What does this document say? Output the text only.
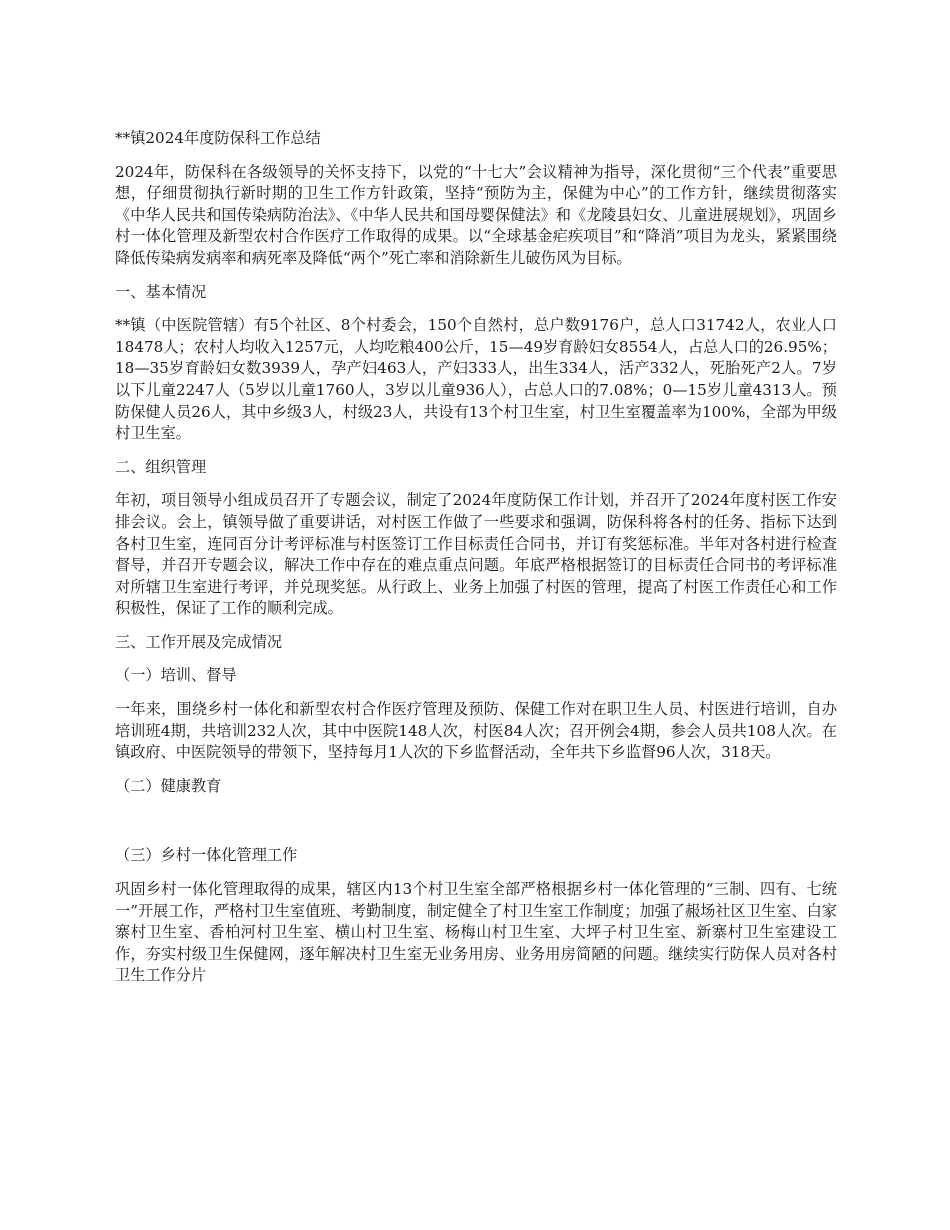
**镇2024年度防保科工作总结

2024年，防保科在各级领导的关怀支持下，以党的“十七大”会议精神为指导，深化贯彻“三个代表”重要思想，仔细贯彻执行新时期的卫生工作方针政策，坚持“预防为主，保健为中心”的工作方针，继续贯彻落实《中华人民共和国传染病防治法》、《中华人民共和国母婴保健法》和《龙陵县妇女、儿童进展规划》，巩固乡村一体化管理及新型农村合作医疗工作取得的成果。以“全球基金疟疾项目”和“降消”项目为龙头，紧紧围绕降低传染病发病率和病死率及降低“两个”死亡率和消除新生儿破伤风为目标。

一、基本情况

**镇（中医院管辖）有5个社区、8个村委会，150个自然村，总户数9176户，总人口31742人，农业人口18478人；农村人均收入1257元，人均吃粮400公斤，15—49岁育龄妇女8554人，占总人口的26.95%；18—35岁育龄妇女数3939人，孕产妇463人，产妇333人，出生334人，活产332人，死胎死产2人。7岁以下儿童2247人（5岁以儿童1760人，3岁以儿童936人），占总人口的7.08%；0—15岁儿童4313人。预防保健人员26人，其中乡级3人，村级23人，共设有13个村卫生室，村卫生室覆盖率为100%，全部为甲级村卫生室。

二、组织管理

年初，项目领导小组成员召开了专题会议，制定了2024年度防保工作计划，并召开了2024年度村医工作安排会议。会上，镇领导做了重要讲话，对村医工作做了一些要求和强调，防保科将各村的任务、指标下达到各村卫生室，连同百分计考评标准与村医签订工作目标责任合同书，并订有奖惩标准。半年对各村进行检查督导，并召开专题会议，解决工作中存在的难点重点问题。年底严格根据签订的目标责任合同书的考评标准对所辖卫生室进行考评，并兑现奖惩。从行政上、业务上加强了村医的管理，提高了村医工作责任心和工作积极性，保证了工作的顺利完成。

三、工作开展及完成情况

（一）培训、督导

一年来，围绕乡村一体化和新型农村合作医疗管理及预防、保健工作对在职卫生人员、村医进行培训，自办培训班4期，共培训232人次，其中中医院148人次，村医84人次；召开例会4期，参会人员共108人次。在镇政府、中医院领导的带领下，坚持每月1人次的下乡监督活动，全年共下乡监督96人次，318天。

（二）健康教育

（三）乡村一体化管理工作

巩固乡村一体化管理取得的成果，辖区内13个村卫生室全部严格根据乡村一体化管理的“三制、四有、七统一”开展工作，严格村卫生室值班、考勤制度，制定健全了村卫生室工作制度；加强了赧场社区卫生室、白家寨村卫生室、香柏河村卫生室、横山村卫生室、杨梅山村卫生室、大坪子村卫生室、新寨村卫生室建设工作，夯实村级卫生保健网，逐年解决村卫生室无业务用房、业务用房简陋的问题。继续实行防保人员对各村卫生工作分片
